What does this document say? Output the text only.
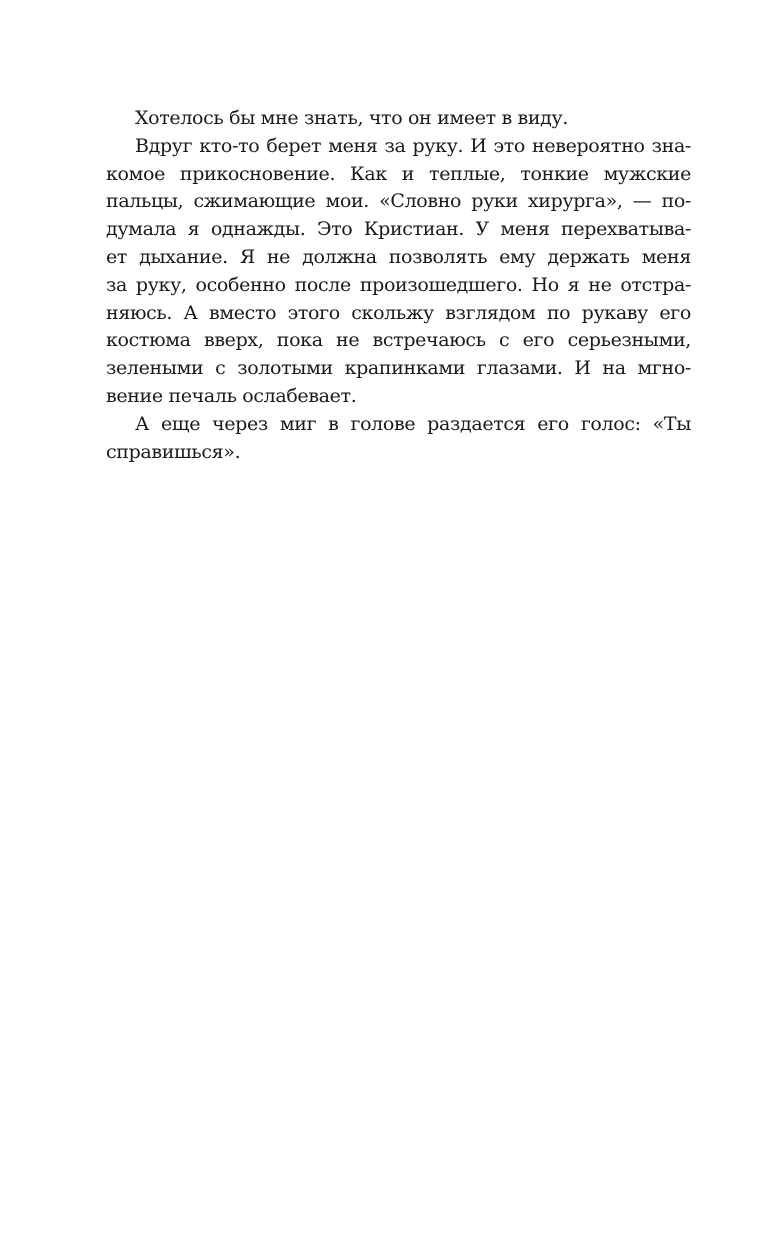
Хотелось бы мне знать, что он имеет в виду.
Вдруг кто-то берет меня за руку. И это невероятно зна-
комое прикосновение. Как и теплые, тонкие мужские
пальцы, сжимающие мои. «Словно руки хирурга», — по-
думала я однажды. Это Кристиан. У меня перехватыва-
ет дыхание. Я не должна позволять ему держать меня
за руку, особенно после произошедшего. Но я не отстра-
няюсь. А вместо этого скольжу взглядом по рукаву его
костюма вверх, пока не встречаюсь с его серьезными,
зелеными с золотыми крапинками глазами. И на мгно-
вение печаль ослабевает.
А еще через миг в голове раздается его голос: «Ты
справишься».
